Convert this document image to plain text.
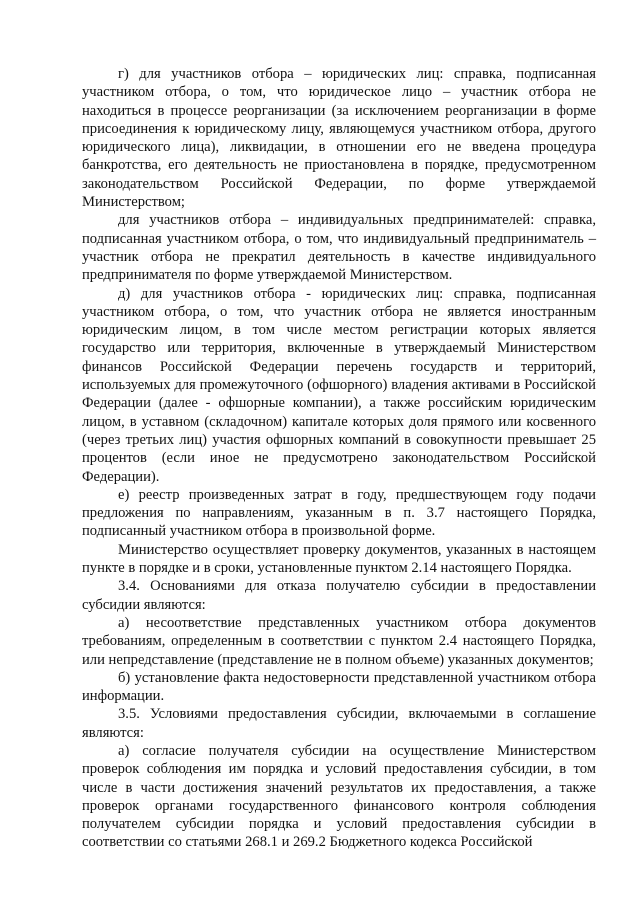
г) для участников отбора – юридических лиц: справка, подписанная участником отбора, о том, что юридическое лицо – участник отбора не находиться в процессе реорганизации (за исключением реорганизации в форме присоединения к юридическому лицу, являющемуся участником отбора, другого юридического лица), ликвидации, в отношении его не введена процедура банкротства, его деятельность не приостановлена в порядке, предусмотренном законодательством Российской Федерации, по форме утверждаемой Министерством;

для участников отбора – индивидуальных предпринимателей: справка, подписанная участником отбора, о том, что индивидуальный предприниматель – участник отбора не прекратил деятельность в качестве индивидуального предпринимателя по форме утверждаемой Министерством.

д) для участников отбора - юридических лиц: справка, подписанная участником отбора, о том, что участник отбора не является иностранным юридическим лицом, в том числе местом регистрации которых является государство или территория, включенные в утверждаемый Министерством финансов Российской Федерации перечень государств и территорий, используемых для промежуточного (офшорного) владения активами в Российской Федерации (далее - офшорные компании), а также российским юридическим лицом, в уставном (складочном) капитале которых доля прямого или косвенного (через третьих лиц) участия офшорных компаний в совокупности превышает 25 процентов (если иное не предусмотрено законодательством Российской Федерации).

е) реестр произведенных затрат в году, предшествующем году подачи предложения по направлениям, указанным в п. 3.7 настоящего Порядка, подписанный участником отбора в произвольной форме.

Министерство осуществляет проверку документов, указанных в настоящем пункте в порядке и в сроки, установленные пунктом 2.14 настоящего Порядка.

3.4. Основаниями для отказа получателю субсидии в предоставлении субсидии являются:

а) несоответствие представленных участником отбора документов требованиям, определенным в соответствии с пунктом 2.4 настоящего Порядка, или непредставление (представление не в полном объеме) указанных документов;

б) установление факта недостоверности представленной участником отбора информации.

3.5. Условиями предоставления субсидии, включаемыми в соглашение являются:

а) согласие получателя субсидии на осуществление Министерством проверок соблюдения им порядка и условий предоставления субсидии, в том числе в части достижения значений результатов их предоставления, а также проверок органами государственного финансового контроля соблюдения получателем субсидии порядка и условий предоставления субсидии в соответствии со статьями 268.1 и 269.2 Бюджетного кодекса Российской
